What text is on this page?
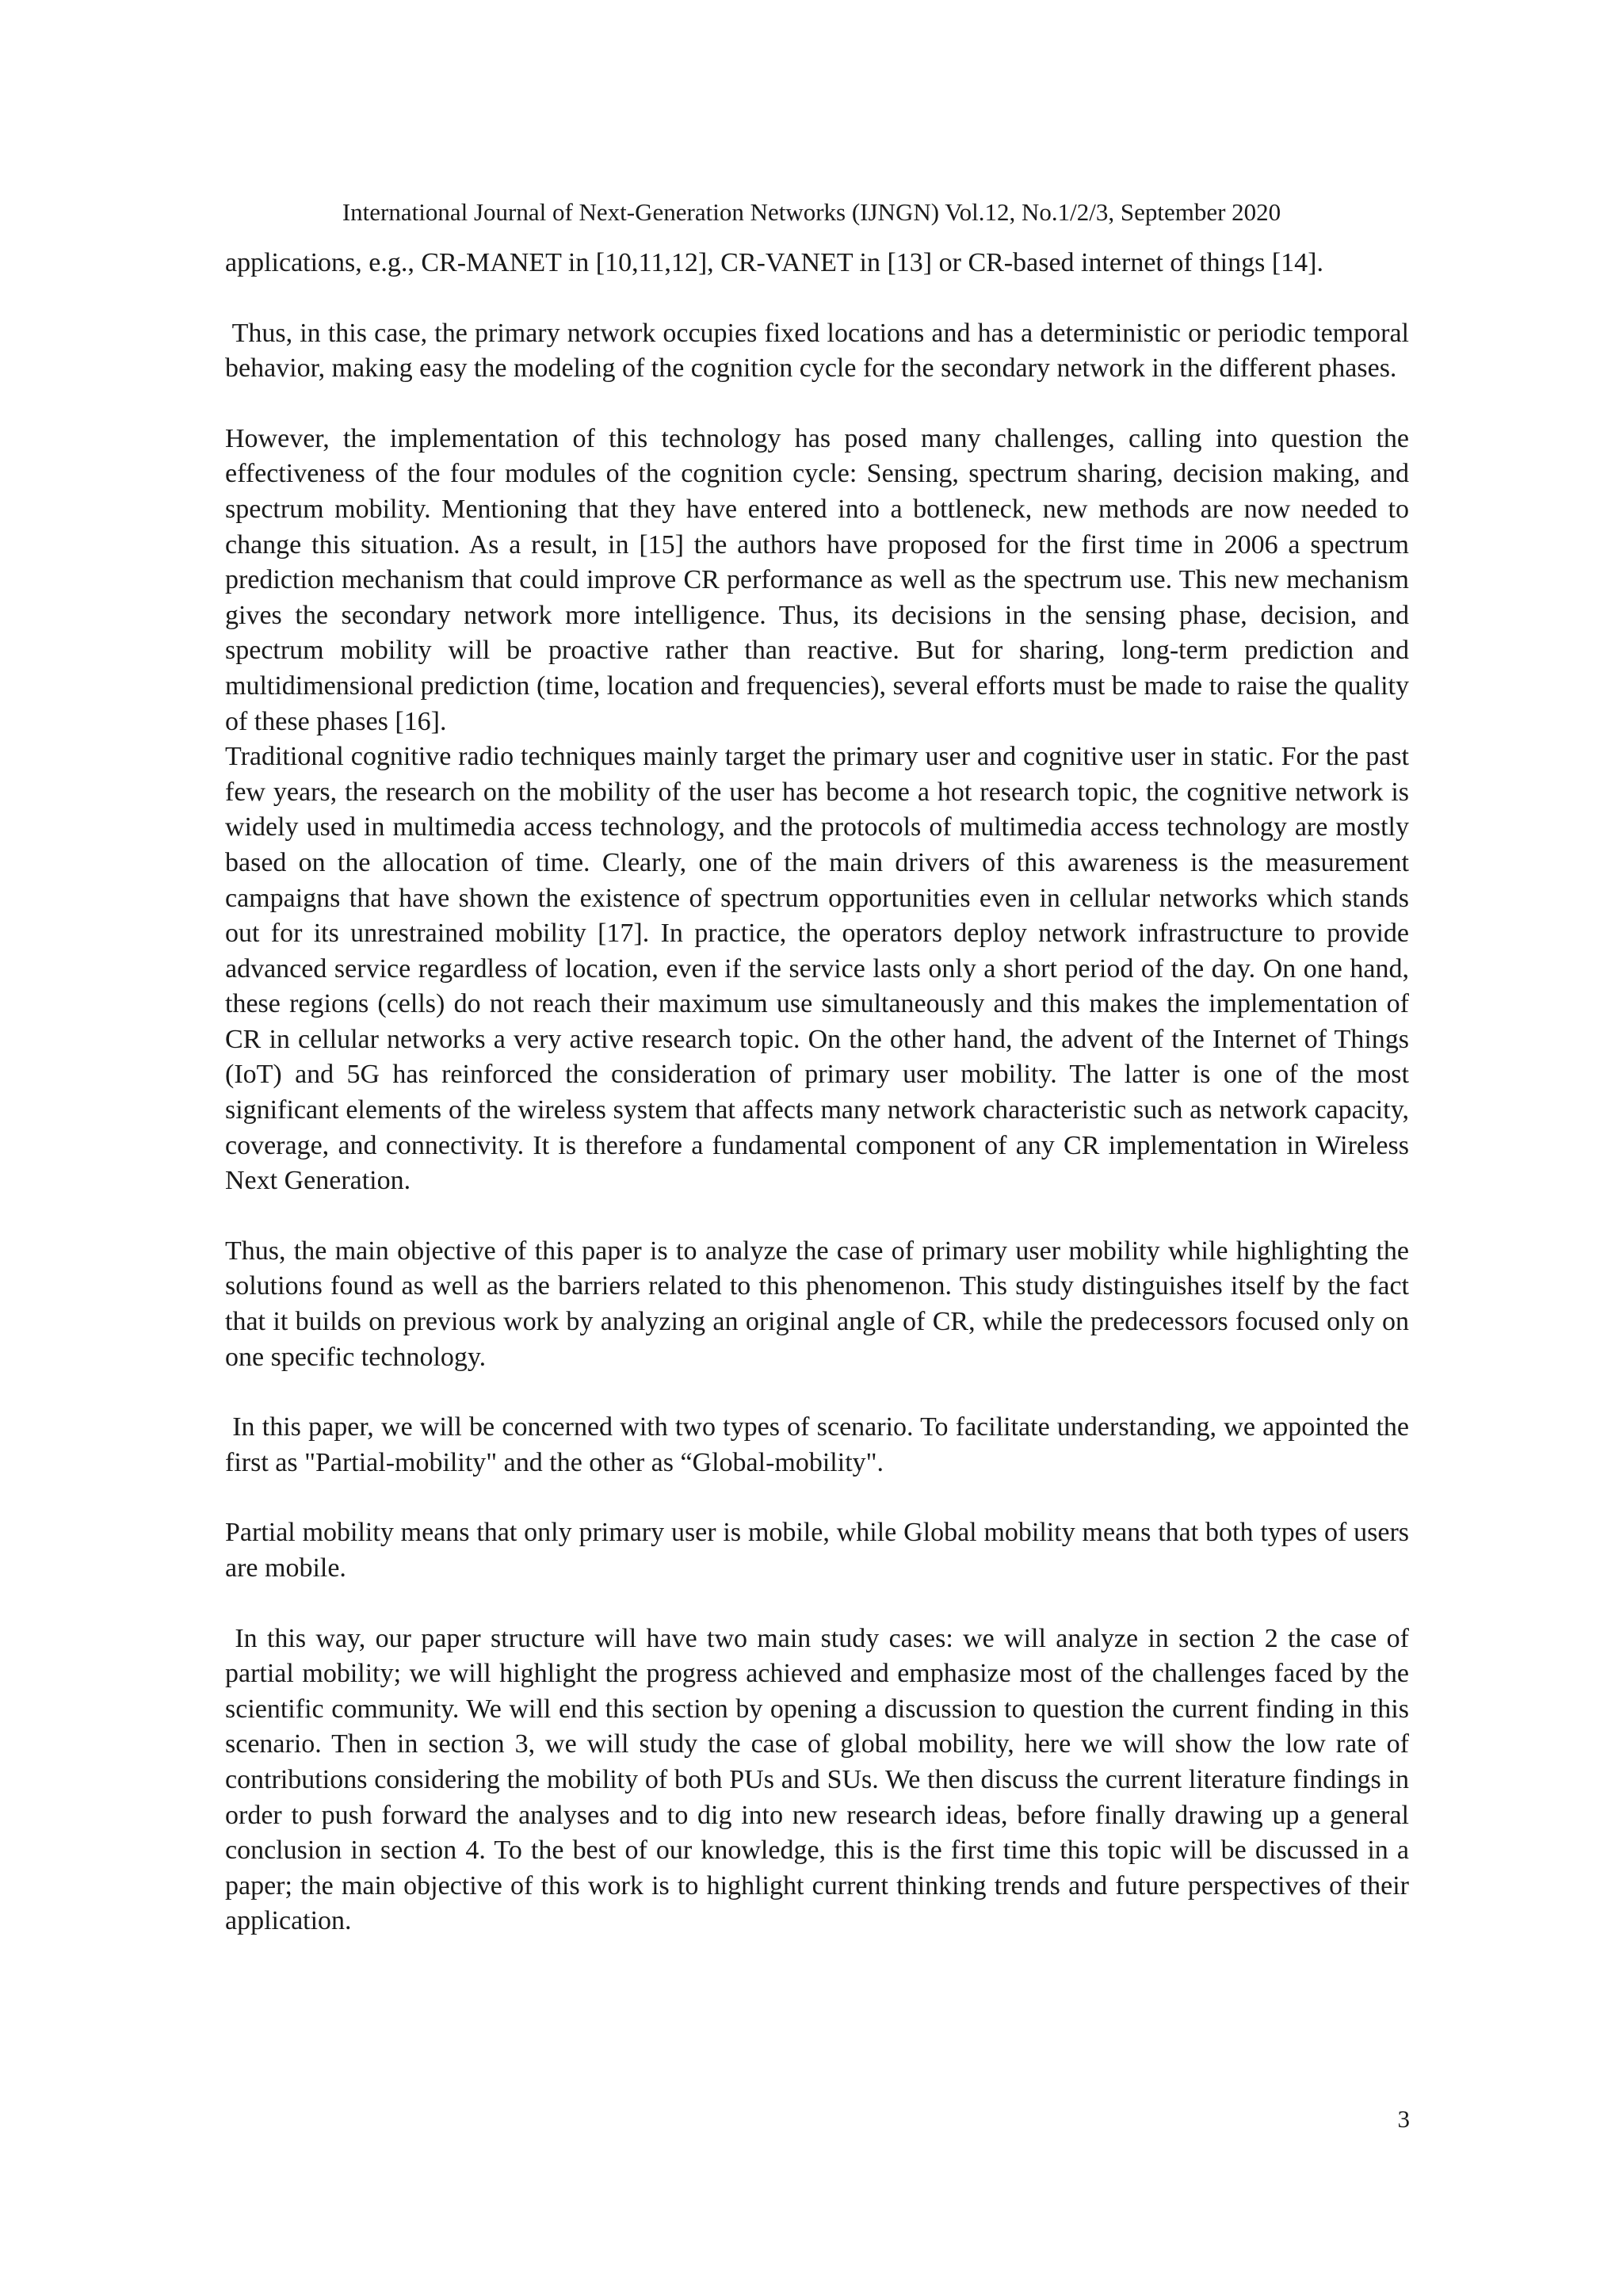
International Journal of Next-Generation Networks (IJNGN) Vol.12, No.1/2/3, September 2020

applications, e.g., CR-MANET in [10,11,12], CR-VANET in [13] or CR-based internet of things [14].

Thus, in this case, the primary network occupies fixed locations and has a deterministic or periodic temporal behavior, making easy the modeling of the cognition cycle for the secondary network in the different phases.

However, the implementation of this technology has posed many challenges, calling into question the effectiveness of the four modules of the cognition cycle: Sensing, spectrum sharing, decision making, and spectrum mobility. Mentioning that they have entered into a bottleneck, new methods are now needed to change this situation. As a result, in [15] the authors have proposed for the first time in 2006 a spectrum prediction mechanism that could improve CR performance as well as the spectrum use. This new mechanism gives the secondary network more intelligence. Thus, its decisions in the sensing phase, decision, and spectrum mobility will be proactive rather than reactive. But for sharing, long-term prediction and multidimensional prediction (time, location and frequencies), several efforts must be made to raise the quality of these phases [16].

Traditional cognitive radio techniques mainly target the primary user and cognitive user in static. For the past few years, the research on the mobility of the user has become a hot research topic, the cognitive network is widely used in multimedia access technology, and the protocols of multimedia access technology are mostly based on the allocation of time. Clearly, one of the main drivers of this awareness is the measurement campaigns that have shown the existence of spectrum opportunities even in cellular networks which stands out for its unrestrained mobility [17]. In practice, the operators deploy network infrastructure to provide advanced service regardless of location, even if the service lasts only a short period of the day. On one hand, these regions (cells) do not reach their maximum use simultaneously and this makes the implementation of CR in cellular networks a very active research topic. On the other hand, the advent of the Internet of Things (IoT) and 5G has reinforced the consideration of primary user mobility. The latter is one of the most significant elements of the wireless system that affects many network characteristic such as network capacity, coverage, and connectivity. It is therefore a fundamental component of any CR implementation in Wireless Next Generation.

Thus, the main objective of this paper is to analyze the case of primary user mobility while highlighting the solutions found as well as the barriers related to this phenomenon. This study distinguishes itself by the fact that it builds on previous work by analyzing an original angle of CR, while the predecessors focused only on one specific technology.

In this paper, we will be concerned with two types of scenario. To facilitate understanding, we appointed the first as "Partial-mobility" and the other as “Global-mobility".

Partial mobility means that only primary user is mobile, while Global mobility means that both types of users are mobile.

In this way, our paper structure will have two main study cases: we will analyze in section 2 the case of partial mobility; we will highlight the progress achieved and emphasize most of the challenges faced by the scientific community. We will end this section by opening a discussion to question the current finding in this scenario. Then in section 3, we will study the case of global mobility, here we will show the low rate of contributions considering the mobility of both PUs and SUs. We then discuss the current literature findings in order to push forward the analyses and to dig into new research ideas, before finally drawing up a general conclusion in section 4. To the best of our knowledge, this is the first time this topic will be discussed in a paper; the main objective of this work is to highlight current thinking trends and future perspectives of their application.

3
